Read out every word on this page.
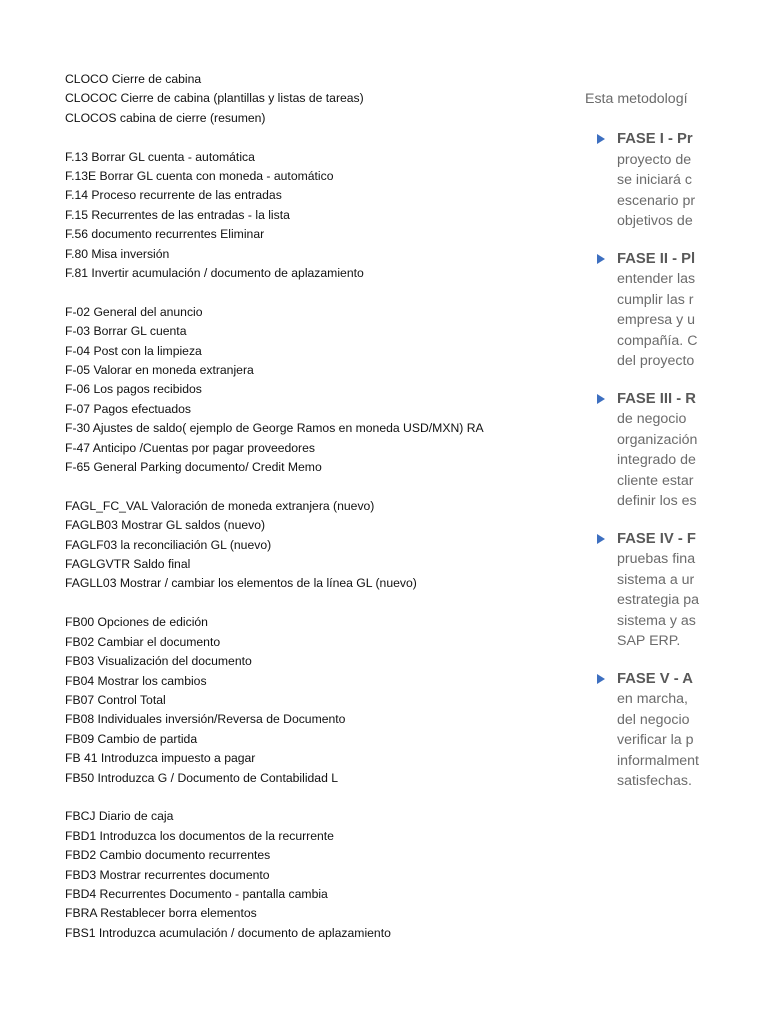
CLOCO Cierre de cabina
CLOCOC Cierre de cabina (plantillas y listas de tareas)
CLOCOS cabina de cierre (resumen)
F.13 Borrar GL cuenta - automática
F.13E Borrar GL cuenta con moneda - automático
F.14 Proceso recurrente de las entradas
F.15 Recurrentes de las entradas - la lista
F.56 documento recurrentes Eliminar
F.80 Misa inversión
F.81 Invertir acumulación / documento de aplazamiento
F-02 General del anuncio
F-03 Borrar GL cuenta
F-04 Post con la limpieza
F-05 Valorar en moneda extranjera
F-06 Los pagos recibidos
F-07 Pagos efectuados
F-30 Ajustes de saldo( ejemplo de George Ramos en moneda USD/MXN) RA
F-47 Anticipo /Cuentas por pagar proveedores
F-65 General Parking documento/ Credit Memo
FAGL_FC_VAL Valoración de moneda extranjera (nuevo)
FAGLB03 Mostrar GL saldos (nuevo)
FAGLF03 la reconciliación GL (nuevo)
FAGLGVTR Saldo final
FAGLL03 Mostrar / cambiar los elementos de la línea GL (nuevo)
FB00 Opciones de edición
FB02 Cambiar el documento
FB03 Visualización del documento
FB04 Mostrar los cambios
FB07 Control Total
FB08 Individuales inversión/Reversa de Documento
FB09 Cambio de partida
FB 41 Introduzca impuesto a pagar
FB50 Introduzca G / Documento de Contabilidad L
FBCJ Diario de caja
FBD1 Introduzca los documentos de la recurrente
FBD2 Cambio documento recurrentes
FBD3 Mostrar recurrentes documento
FBD4 Recurrentes Documento - pantalla cambia
FBRA Restablecer borra elementos
FBS1 Introduzca acumulación / documento de aplazamiento
Esta metodologí
FASE I - Pr
proyecto de
se iniciará c
escenario pr
objetivos de
FASE II - Pl
entender las
cumplir las r
empresa y u
compañía. C
del proyecto
FASE III - R
de negocio
organización
integrado de
cliente estar
definir los es
FASE IV - F
pruebas fina
sistema a ur
estrategia pa
sistema y as
SAP ERP.
FASE V - A
en marcha,
del negocio
verificar la p
informalment
satisfechas.
